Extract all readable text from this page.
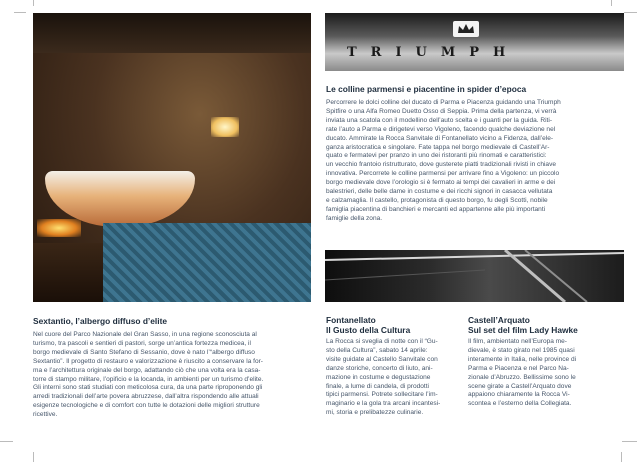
TRIUMPH
Le colline parmensi e piacentine in spider d’epoca

Percorrere le dolci colline del ducato di Parma e Piacenza guidando una Triumph

Spitfire o una Alfa Romeo Duetto Osso di Seppia. Prima della partenza, vi verrà

inviata una scatola con il modellino dell’auto scelta e i guanti per la guida. Riti-

rate l’auto a Parma e dirigetevi verso Vigoleno, facendo qualche deviazione nel

ducato. Ammirate la Rocca Sanvitale di Fontanellato vicino a Fidenza, dall’ele-

ganza aristocratica e singolare. Fate tappa nel borgo medievale di Castell’Ar-

quato e fermatevi per pranzo in uno dei ristoranti più rinomati e caratteristici:

un vecchio frantoio ristrutturato, dove gusterete piatti tradizionali rivisti in chiave

innovativa. Percorrete le colline parmensi per arrivare fino a Vigoleno: un piccolo

borgo medievale dove l’orologio si è fermato ai tempi dei cavalieri in arme e dei

balestrieri, delle belle dame in costume e dei ricchi signori in casacca vellutata

e calzamaglia. Il castello, protagonista di questo borgo, fu degli Scotti, nobile

famiglia piacentina di banchieri e mercanti ed appartenne alle più importanti

famiglie della zona.

Sextantio, l’albergo diffuso d’elite

Nel cuore del Parco Nazionale del Gran Sasso, in una regione sconosciuta al

turismo, tra pascoli e sentieri di pastori, sorge un’antica fortezza medicea, il

borgo medievale di Santo Stefano di Sessanio, dove è nato l’“albergo diffuso

Sextantio”. Il progetto di restauro e valorizzazione è riuscito a conservare la for-

ma e l’architettura originale del borgo, adattando ciò che una volta era la casa-

torre di stampo militare, l’opificio e la locanda, in ambienti per un turismo d’elite.

Gli interni sono stati studiati con meticolosa cura, da una parte riproponendo gli

arredi tradizionali dell’arte povera abruzzese, dall’altra rispondendo alle attuali

esigenze tecnologiche e di comfort con tutte le dotazioni delle migliori strutture

ricettive.

Fontanellato
Il Gusto della Cultura

La Rocca si sveglia di notte con il “Gu-

sto della Cultura”, sabato 14 aprile:

visite guidate al Castello Sanvitale con

danze storiche, concerto di liuto, ani-

mazione in costume e degustazione

finale, a lume di candela, di prodotti

tipici parmensi. Potrete sollecitare l’im-

maginario e la gola tra arcani incantesi-

mi, storia e prelibatezze culinarie.

Castell’Arquato
Sul set del film Lady Hawke

Il film, ambientato nell’Europa me-

dievale, è stato girato nel 1985 quasi

interamente in Italia, nelle province di

Parma e Piacenza e nel Parco Na-

zionale d’Abruzzo. Bellissime sono le

scene girate a Castell’Arquato dove

appaiono chiaramente la Rocca Vi-

scontea e l’esterno della Collegiata.
